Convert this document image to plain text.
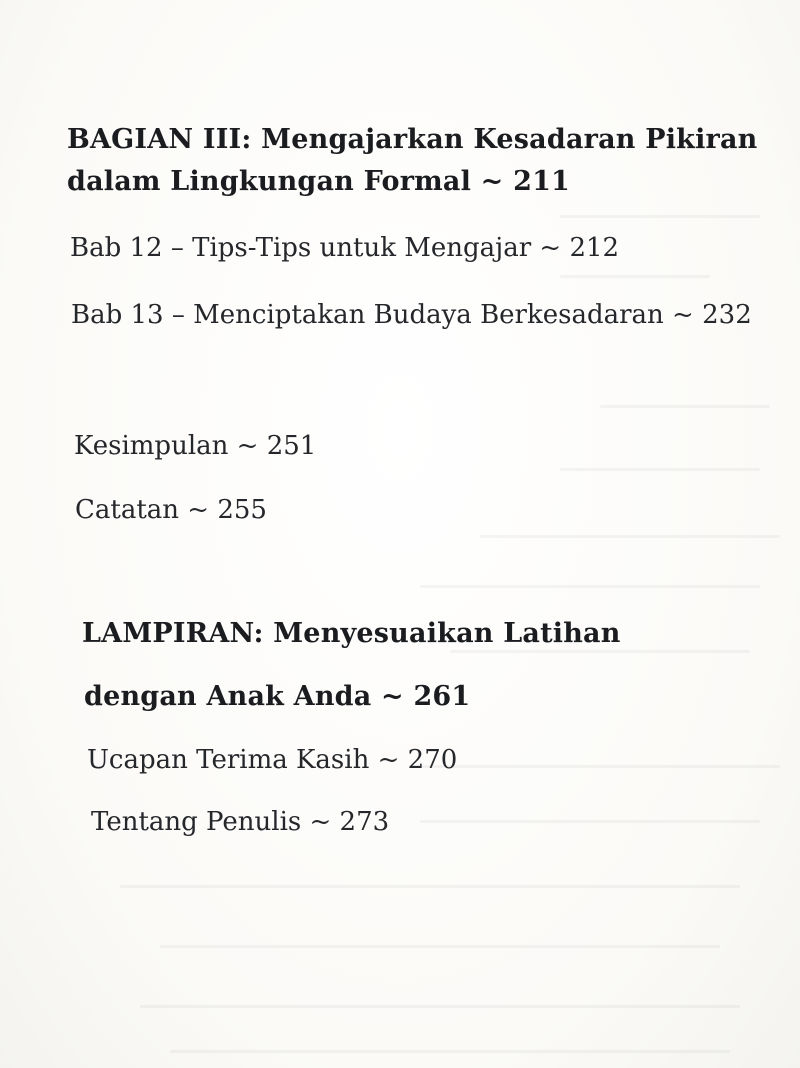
BAGIAN III: Mengajarkan Kesadaran Pikiran
dalam Lingkungan Formal ~ 211
Bab 12 – Tips-Tips untuk Mengajar ~ 212
Bab 13 – Menciptakan Budaya Berkesadaran ~ 232
Kesimpulan ~ 251
Catatan ~ 255
LAMPIRAN: Menyesuaikan Latihan
dengan Anak Anda ~ 261
Ucapan Terima Kasih ~ 270
Tentang Penulis ~ 273
